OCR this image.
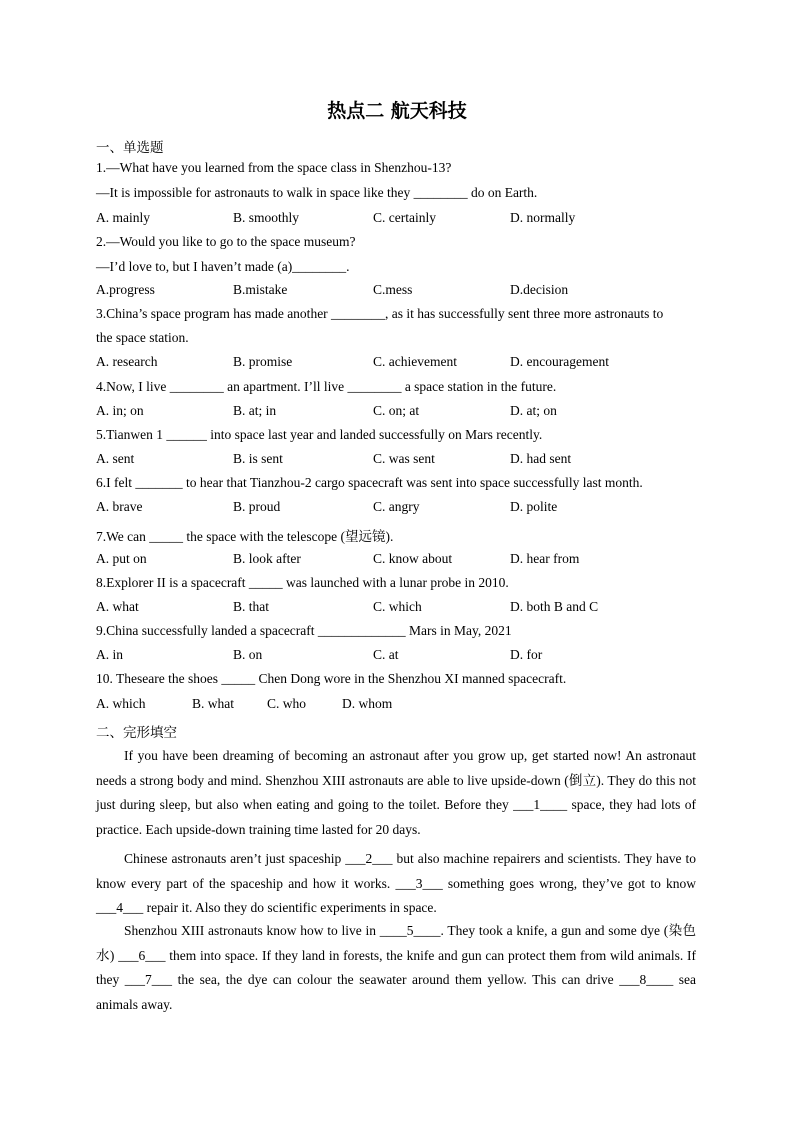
热点二 航天科技
一、单选题
1.—What have you learned from the space class in Shenzhou-13?
—It is impossible for astronauts to walk in space like they ________ do on Earth.
A. mainly	B. smoothly	C. certainly	D. normally
2.—Would you like to go to the space museum?
—I’d love to, but I haven’t made (a)________.
A.progress	B.mistake	C.mess	D.decision
3.China’s space program has made another ________, as it has successfully sent three more astronauts to
the space station.
A. research	B. promise	C. achievement	D. encouragement
4.Now, I live ________ an apartment. I’ll live ________ a space station in the future.
A. in; on	B. at; in	C. on; at	D. at; on
5.Tianwen 1 ______ into space last year and landed successfully on Mars recently.
A. sent	B. is sent	C. was sent	D. had sent
6.I felt _______ to hear that Tianzhou-2 cargo spacecraft was sent into space successfully last month.
A. brave	B. proud	C. angry	D. polite
7.We can _____ the space with the telescope (望远镜).
A. put on	B. look after	C. know about	D. hear from
8.Explorer II is a spacecraft _____ was launched with a lunar probe in 2010.
A. what	B. that	C. which	D. both B and C
9.China successfully landed a spacecraft _____________ Mars in May, 2021
A. in	B. on	C. at	D. for
10. Theseare the shoes _____ Chen Dong wore in the Shenzhou XI manned spacecraft.
A. which	B. what C. who	D. whom
二、完形填空
If you have been dreaming of becoming an astronaut after you grow up, get started now! An astronaut needs a strong body and mind. Shenzhou XIII astronauts are able to live upside-down (倒立). They do this not just during sleep, but also when eating and going to the toilet. Before they ___1____ space, they had lots of practice. Each upside-down training time lasted for 20 days.
Chinese astronauts aren’t just spaceship ___2___ but also machine repairers and scientists. They have to know every part of the spaceship and how it works. ___3___ something goes wrong, they’ve got to know ___4___ repair it. Also they do scientific experiments in space.
Shenzhou XIII astronauts know how to live in ____5____. They took a knife, a gun and some dye (染色水) ___6___ them into space. If they land in forests, the knife and gun can protect them from wild animals. If they ___7___ the sea, the dye can colour the seawater around them yellow. This can drive ___8____ sea animals away.
